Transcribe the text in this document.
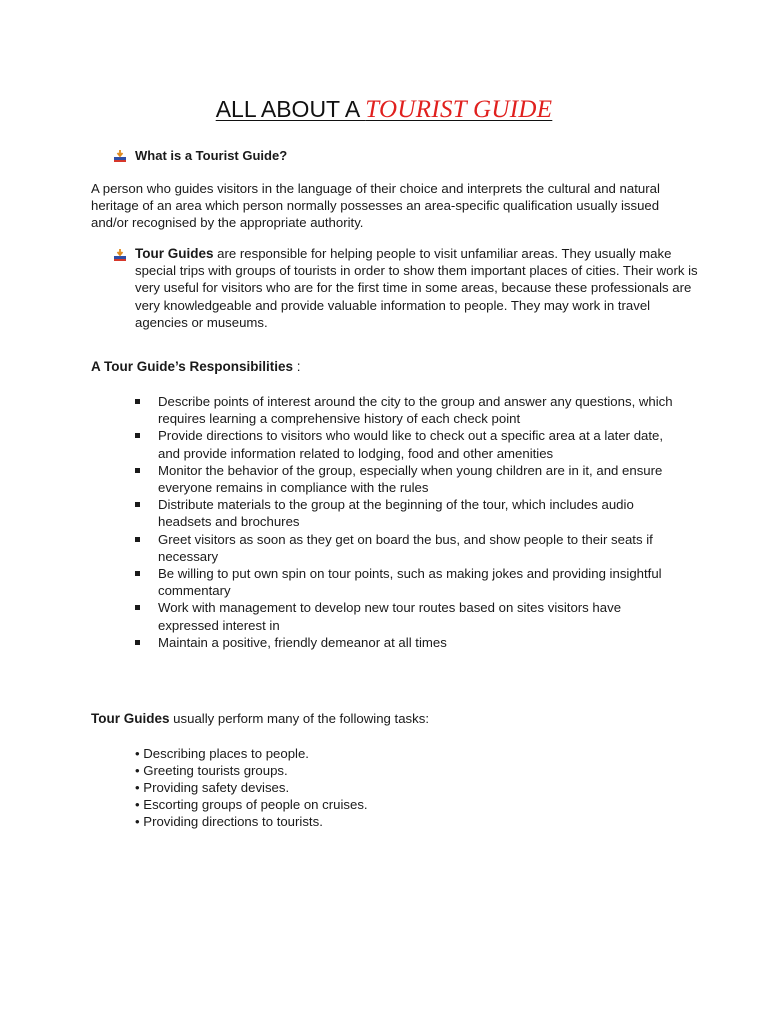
ALL ABOUT A TOURIST GUIDE
What is a Tourist Guide?

A person who guides visitors in the language of their choice and interprets the cultural and natural heritage of an area which person normally possesses an area-specific qualification usually issued and/or recognised by the appropriate authority.

Tour Guides are responsible for helping people to visit unfamiliar areas. They usually make special trips with groups of tourists in order to show them important places of cities. Their work is very useful for visitors who are for the first time in some areas, because these professionals are very knowledgeable and provide valuable information to people. They may work in travel agencies or museums.

A Tour Guide’s Responsibilities :
Describe points of interest around the city to the group and answer any questions, which requires learning a comprehensive history of each check point
Provide directions to visitors who would like to check out a specific area at a later date, and provide information related to lodging, food and other amenities
Monitor the behavior of the group, especially when young children are in it, and ensure everyone remains in compliance with the rules
Distribute materials to the group at the beginning of the tour, which includes audio headsets and brochures
Greet visitors as soon as they get on board the bus, and show people to their seats if necessary
Be willing to put own spin on tour points, such as making jokes and providing insightful commentary
Work with management to develop new tour routes based on sites visitors have expressed interest in
Maintain a positive, friendly demeanor at all times
Tour Guides usually perform many of the following tasks:
• Describing places to people.
• Greeting tourists groups.
• Providing safety devises.
• Escorting groups of people on cruises.
• Providing directions to tourists.
